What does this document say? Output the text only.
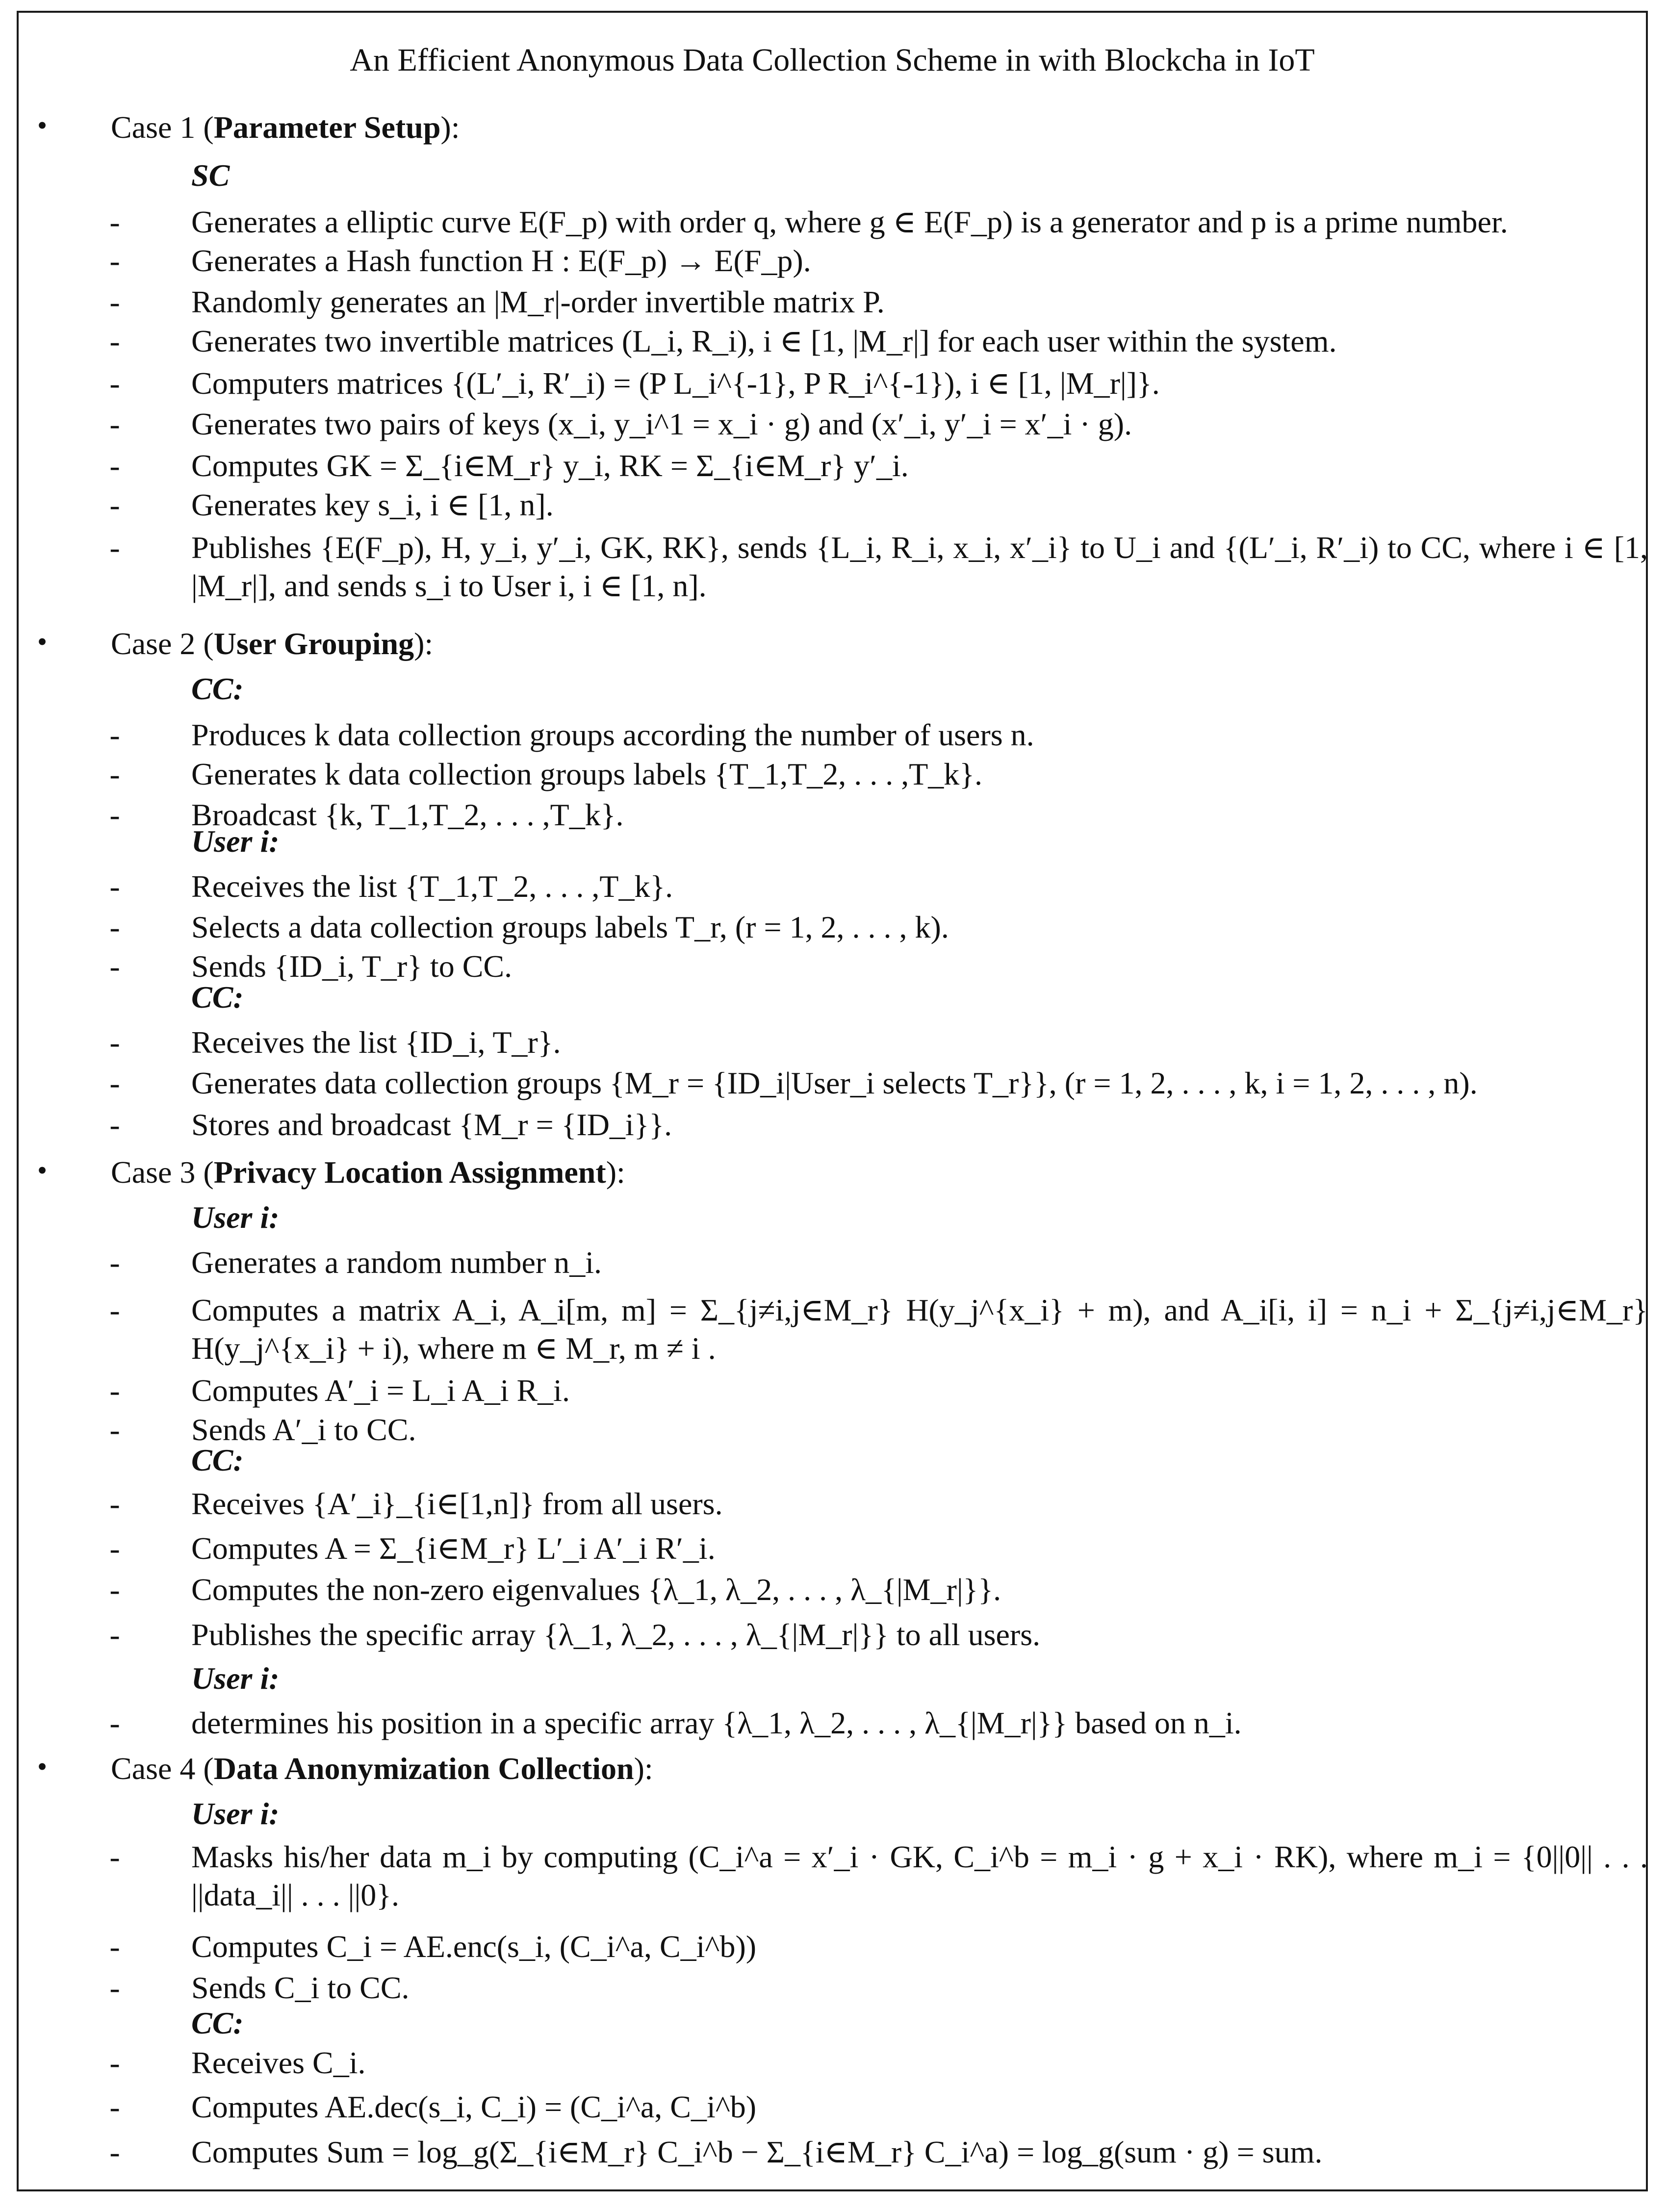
An Efficient Anonymous Data Collection Scheme in with Blockcha in IoT
• Case 1 (Parameter Setup):
SC
- Generates a elliptic curve E(F_p) with order q, where g ∈ E(F_p) is a generator and p is a prime number.
- Generates a Hash function H : E(F_p) → E(F_p).
- Randomly generates an |M_r|-order invertible matrix P.
- Generates two invertible matrices (L_i, R_i), i ∈ [1, |M_r|] for each user within the system.
- Computers matrices {(L′_i, R′_i) = (P L_i^{-1}, P R_i^{-1}), i ∈ [1, |M_r|]}.
- Generates two pairs of keys (x_i, y_i^1 = x_i · g) and (x′_i, y′_i = x′_i · g).
- Computes GK = Σ_{i∈M_r} y_i, RK = Σ_{i∈M_r} y′_i.
- Generates key s_i, i ∈ [1, n].
- Publishes {E(F_p), H, y_i, y′_i, GK, RK}, sends {L_i, R_i, x_i, x′_i} to U_i and {(L′_i, R′_i) to CC, where i ∈ [1, |M_r|], and sends s_i to User i, i ∈ [1, n].
• Case 2 (User Grouping):
CC:
- Produces k data collection groups according the number of users n.
- Generates k data collection groups labels {T_1,T_2, . . . ,T_k}.
- Broadcast {k, T_1,T_2, . . . ,T_k}.
User i:
- Receives the list {T_1,T_2, . . . ,T_k}.
- Selects a data collection groups labels T_r, (r = 1, 2, . . . , k).
- Sends {ID_i, T_r} to CC.
CC:
- Receives the list {ID_i, T_r}.
- Generates data collection groups {M_r = {ID_i|User_i selects T_r}}, (r = 1, 2, . . . , k, i = 1, 2, . . . , n).
- Stores and broadcast {M_r = {ID_i}}.
• Case 3 (Privacy Location Assignment):
User i:
- Generates a random number n_i.
- Computes a matrix A_i, A_i[m, m] = Σ_{j≠i,j∈M_r} H(y_j^{x_i} + m), and A_i[i, i] = n_i + Σ_{j≠i,j∈M_r} H(y_j^{x_i} + i), where m ∈ M_r, m ≠ i .
- Computes A′_i = L_i A_i R_i.
- Sends A′_i to CC.
CC:
- Receives {A′_i}_{i∈[1,n]} from all users.
- Computes A = Σ_{i∈M_r} L′_i A′_i R′_i.
- Computes the non-zero eigenvalues {λ_1, λ_2, . . . , λ_{|M_r|}}.
- Publishes the specific array {λ_1, λ_2, . . . , λ_{|M_r|}} to all users.
User i:
- determines his position in a specific array {λ_1, λ_2, . . . , λ_{|M_r|}} based on n_i.
• Case 4 (Data Anonymization Collection):
User i:
- Masks his/her data m_i by computing (C_i^a = x′_i · GK, C_i^b = m_i · g + x_i · RK), where m_i = {0||0|| . . . ||data_i|| . . . ||0}.
- Computes C_i = AE.enc(s_i, (C_i^a, C_i^b))
- Sends C_i to CC.
CC:
- Receives C_i.
- Computes AE.dec(s_i, C_i) = (C_i^a, C_i^b)
- Computes Sum = log_g(Σ_{i∈M_r} C_i^b − Σ_{i∈M_r} C_i^a) = log_g(sum · g) = sum.
